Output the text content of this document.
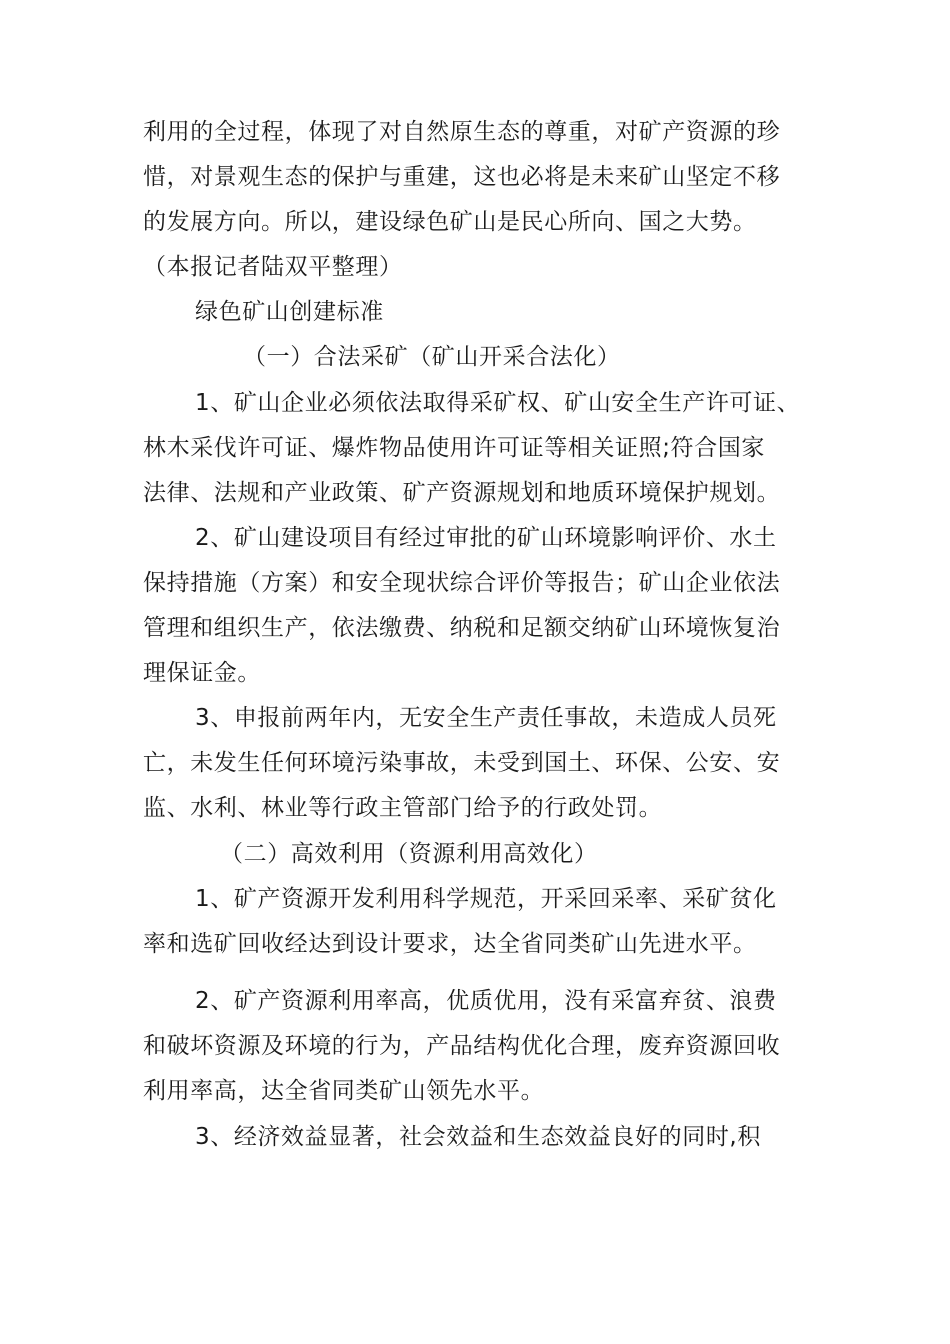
利用的全过程，体现了对自然原生态的尊重，对矿产资源的珍
惜，对景观生态的保护与重建，这也必将是未来矿山坚定不移
的发展方向。所以，建设绿色矿山是民心所向、国之大势。
（本报记者陆双平整理）
绿色矿山创建标准
（一）合法采矿（矿山开采合法化）
1、矿山企业必须依法取得采矿权、矿山安全生产许可证、
林木采伐许可证、爆炸物品使用许可证等相关证照;符合国家
法律、法规和产业政策、矿产资源规划和地质环境保护规划。
2、矿山建设项目有经过审批的矿山环境影响评价、水土
保持措施（方案）和安全现状综合评价等报告；矿山企业依法
管理和组织生产，依法缴费、纳税和足额交纳矿山环境恢复治
理保证金。
3、申报前两年内，无安全生产责任事故，未造成人员死
亡，未发生任何环境污染事故，未受到国土、环保、公安、安
监、水利、林业等行政主管部门给予的行政处罚。
（二）高效利用（资源利用高效化）
1、矿产资源开发利用科学规范，开采回采率、采矿贫化
率和选矿回收经达到设计要求，达全省同类矿山先进水平。
2、矿产资源利用率高，优质优用，没有采富弃贫、浪费
和破坏资源及环境的行为，产品结构优化合理，废弃资源回收
利用率高，达全省同类矿山领先水平。
3、经济效益显著，社会效益和生态效益良好的同时,积
